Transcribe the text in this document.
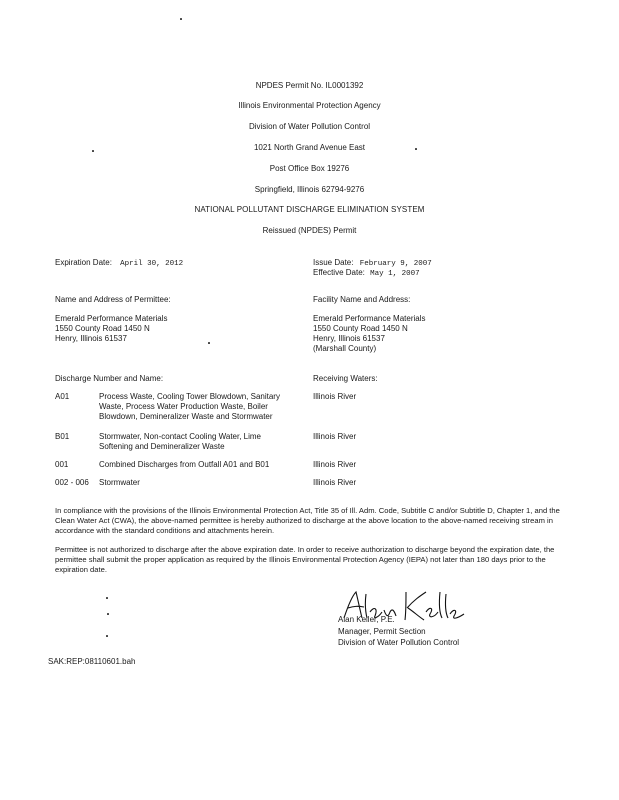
NPDES Permit No. IL0001392
Illinois Environmental Protection Agency
Division of Water Pollution Control
1021 North Grand Avenue East
Post Office Box 19276
Springfield, Illinois 62794-9276
NATIONAL POLLUTANT DISCHARGE ELIMINATION SYSTEM
Reissued (NPDES) Permit
Expiration Date: April 30, 2012	Issue Date: February 9, 2007
Effective Date: May 1, 2007
Name and Address of Permittee:
Emerald Performance Materials
1550 County Road 1450 N
Henry, Illinois 61537
Facility Name and Address:
Emerald Performance Materials
1550 County Road 1450 N
Henry, Illinois 61537
(Marshall County)
Discharge Number and Name:	Receiving Waters:
A01	Process Waste, Cooling Tower Blowdown, Sanitary
Waste, Process Water Production Waste, Boiler
Blowdown, Demineralizer Waste and Stormwater
Illinois River
B01	Stormwater, Non-contact Cooling Water, Lime
Softening and Demineralizer Waste
Illinois River
001	Combined Discharges from Outfall A01 and B01	Illinois River
002 - 006 Stormwater	Illinois River
In compliance with the provisions of the Illinois Environmental Protection Act, Title 35 of Ill. Adm. Code, Subtitle C and/or Subtitle D, Chapter 1, and the Clean Water Act (CWA), the above-named permittee is hereby authorized to discharge at the above location to the above-named receiving stream in accordance with the standard conditions and attachments herein.
Permittee is not authorized to discharge after the above expiration date. In order to receive authorization to discharge beyond the expiration date, the permittee shall submit the proper application as required by the Illinois Environmental Protection Agency (IEPA) not later than 180 days prior to the expiration date.
Alan Keller, P.E.
Manager, Permit Section
Division of Water Pollution Control
SAK:REP:08110601.bah
